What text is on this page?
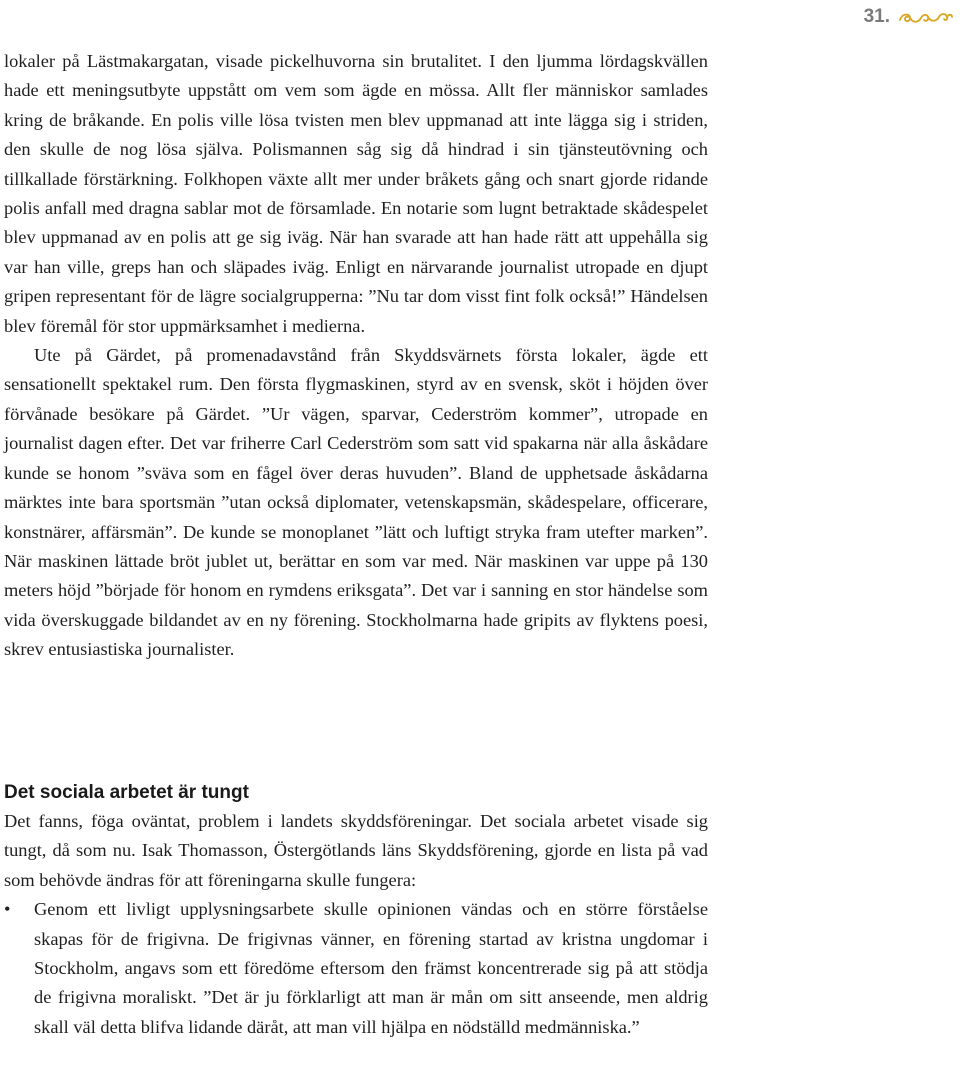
31.

lokaler på Lästmakargatan, visade pickelhuvorna sin brutalitet. I den ljumma lördagskvällen hade ett meningsutbyte uppstått om vem som ägde en mössa. Allt fler människor samlades kring de bråkande. En polis ville lösa tvisten men blev uppmanad att inte lägga sig i striden, den skulle de nog lösa själva. Polismannen såg sig då hindrad i sin tjänsteutövning och tillkallade förstärkning. Folkhopen växte allt mer under bråkets gång och snart gjorde ridande polis anfall med dragna sablar mot de församlade. En notarie som lugnt betraktade skådespelet blev uppmanad av en polis att ge sig iväg. När han svarade att han hade rätt att uppehålla sig var han ville, greps han och släpades iväg. Enligt en närvarande journalist utropade en djupt gripen representant för de lägre socialgrupperna: ”Nu tar dom visst fint folk också!” Händelsen blev föremål för stor uppmärksamhet i medierna.

Ute på Gärdet, på promenadavstånd från Skyddsvärnets första lokaler, ägde ett sensationellt spektakel rum. Den första flygmaskinen, styrd av en svensk, sköt i höjden över förvånade besökare på Gärdet. ”Ur vägen, sparvar, Cederström kommer”, utropade en journalist dagen efter. Det var friherre Carl Cederström som satt vid spakarna när alla åskådare kunde se honom ”sväva som en fågel över deras huvuden”. Bland de upphetsade åskådarna märktes inte bara sportsmän ”utan också diplomater, vetenskapsmän, skådespelare, officerare, konstnärer, affärsmän”. De kunde se monoplanet ”lätt och luftigt stryka fram utefter marken”. När maskinen lättade bröt jublet ut, berättar en som var med. När maskinen var uppe på 130 meters höjd ”började för honom en rymdens eriksgata”. Det var i sanning en stor händelse som vida överskuggade bildandet av en ny förening. Stockholmarna hade gripits av flyktens poesi, skrev entusiastiska journalister.

Det sociala arbetet är tungt

Det fanns, föga oväntat, problem i landets skyddsföreningar. Det sociala arbetet visade sig tungt, då som nu. Isak Thomasson, Östergötlands läns Skyddsförening, gjorde en lista på vad som behövde ändras för att föreningarna skulle fungera:

• Genom ett livligt upplysningsarbete skulle opinionen vändas och en större förståelse skapas för de frigivna. De frigivnas vänner, en förening startad av kristna ungdomar i Stockholm, angavs som ett föredöme eftersom den främst koncentrerade sig på att stödja de frigivna moraliskt. ”Det är ju förklarligt att man är mån om sitt anseende, men aldrig skall väl detta blifva lidande däråt, att man vill hjälpa en nödställd medmänniska.”
